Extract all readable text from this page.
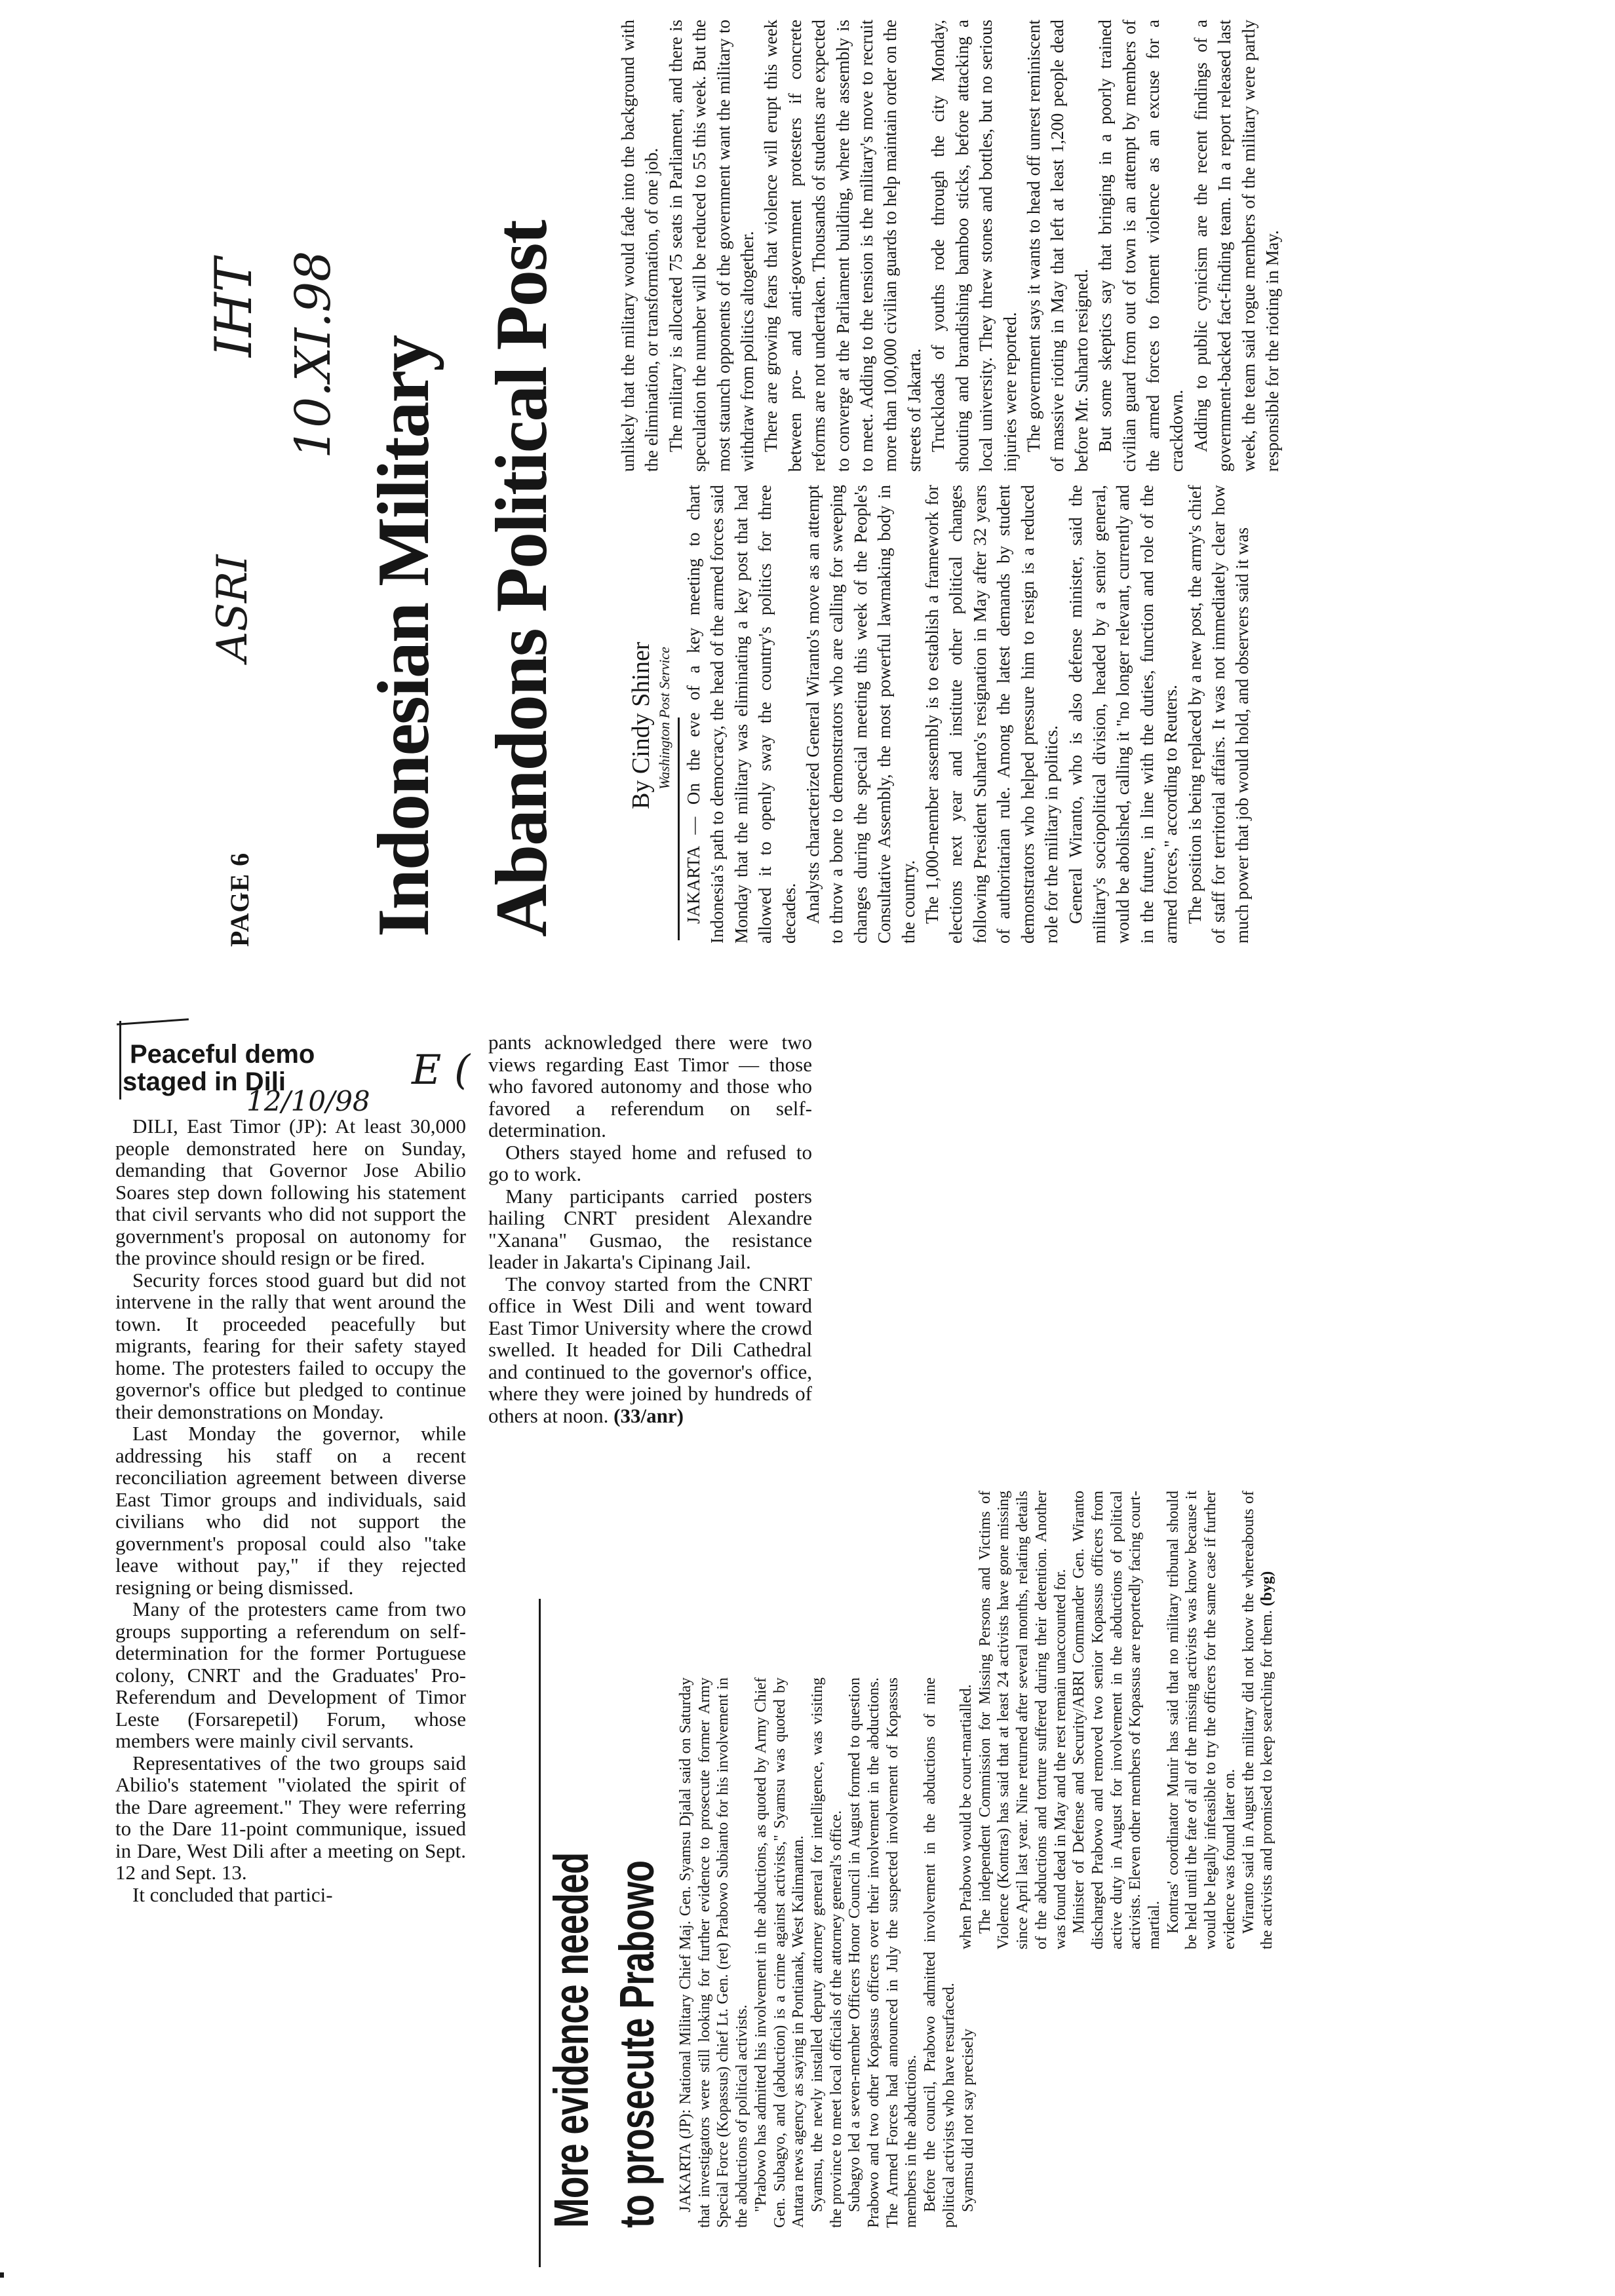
PAGE 6 Indonesian Military Abandons Political Post	By Cindy Shiner Washington Post Service JAKARTA — On the eve of a key meeting to chart Indonesia's path to democracy, the head of the armed forces said Monday that the military was eliminating a key post that had allowed it to openly sway the country's politics for three decades. Analysts characterized General Wiranto's move as an attempt to throw a bone to demonstrators who are calling for sweeping changes during the special meeting this week of the People's Consultative Assembly, the most powerful lawmaking body in the country. The 1,000-member assembly is to establish a framework for elections next year and institute other political changes following President Suharto's resignation in May after 32 years of authoritarian rule. Among the latest demands by student demonstrators who helped pressure him to resign is a reduced role for the military in politics. General Wiranto, who is also defense minister, said the military's sociopolitical division, headed by a senior general, would be abolished, calling it "no longer relevant, currently and in the future, in line with the duties, function and role of the armed forces," according to Reuters. The position is being replaced by a new post, the army's chief of staff for territorial affairs. It was not immediately clear how much power that job would hold, and observers said it was

unlikely that the military would fade into the background with the elimination, or transformation, of one job. The military is allocated 75 seats in Parliament, and there is speculation the number will be reduced to 55 this week. But the most staunch opponents of the government want the military to withdraw from politics altogether. There are growing fears that violence will erupt this week between pro- and anti-government protesters if concrete reforms are not undertaken. Thousands of students are expected to converge at the Parliament building, where the assembly is to meet. Adding to the tension is the military's move to recruit more than 100,000 civilian guards to help maintain order on the streets of Jakarta. Truckloads of youths rode through the city Monday, shouting and brandishing bamboo sticks, before attacking a local university. They threw stones and bottles, but no serious injuries were reported. The government says it wants to head off unrest reminiscent of massive rioting in May that left at least 1,200 people dead before Mr. Suharto resigned. But some skeptics say that bringing in a poorly trained civilian guard from out of town is an attempt by members of the armed forces to foment violence as an excuse for a crackdown. Adding to public cynicism are the recent findings of a government-backed fact-finding team. In a report released last week, the team said rogue members of the military were partly responsible for the rioting in May.

ASRI
IHT 10.XI.98
Peaceful demo
staged in Dili
12/10/98
E (

DILI, East Timor (JP): At least 30,000 people demonstrated here on Sunday, demanding that Governor Jose Abilio Soares step down following his statement that civil servants who did not support the government's proposal on autonomy for the province should resign or be fired.

Security forces stood guard but did not intervene in the rally that went around the town. It proceeded peacefully but migrants, fearing for their safety stayed home. The protesters failed to occupy the governor's office but pledged to continue their demonstrations on Monday.

Last Monday the governor, while addressing his staff on a recent reconciliation agreement between diverse East Timor groups and individuals, said civilians who did not support the government's proposal could also "take leave without pay," if they rejected resigning or being dismissed.

Many of the protesters came from two groups supporting a referendum on self-determination for the former Portuguese colony, CNRT and the Graduates' Pro-Referendum and Development of Timor Leste (Forsarepetil) Forum, whose members were mainly civil servants.

Representatives of the two groups said Abilio's statement "violated the spirit of the Dare agreement." They were referring to the Dare 11-point communique, issued in Dare, West Dili after a meeting on Sept. 12 and Sept. 13.

It concluded that partici-

pants acknowledged there were two views regarding East Timor — those who favored autonomy and those who favored a referendum on self-determination.

Others stayed home and refused to go to work.

Many participants carried posters hailing CNRT president Alexandre "Xanana" Gusmao, the resistance leader in Jakarta's Cipinang Jail.

The convoy started from the CNRT office in West Dili and went toward East Timor University where the crowd swelled. It headed for Dili Cathedral and continued to the governor's office, where they were joined by hundreds of others at noon. (33/anr)

More evidence needed to prosecute Prabowo JAKARTA (JP): National Military Chief Maj. Gen. Syamsu Djalal said on Saturday that investigators were still looking for further evidence to prosecute former Army Special Force (Kopassus) chief Lt. Gen. (ret) Prabowo Subianto for his involvement in the abductions of political activists. "Prabowo has admitted his involvement in the abductions, as quoted by Army Chief Gen. Subagyo, and (abduction) is a crime against activists," Syamsu was quoted by Antara news agency as saying in Pontianak, West Kalimantan. Syamsu, the newly installed deputy attorney general for intelligence, was visiting the province to meet local officials of the attorney general's office. Subagyo led a seven-member Officers Honor Council in August formed to question Prabowo and two other Kopassus officers over their involvement in the abductions. The Armed Forces had announced in July the suspected involvement of Kopassus members in the abductions. Before the council, Prabowo admitted involvement in the abductions of nine political activists who have resurfaced. Syamsu did not say precisely

when Prabowo would be court-martialled. The independent Commission for Missing Persons and Victims of Violence (Kontras) has said that at least 24 activists have gone missing since April last year. Nine returned after several months, relating details of the abductions and torture suffered during their detention. Another was found dead in May and the rest remain unaccounted for. Minister of Defense and Security/ABRI Commander Gen. Wiranto discharged Prabowo and removed two senior Kopassus officers from active duty in August for involvement in the abductions of political activists. Eleven other members of Kopassus are reportedly facing court-martial. Kontras' coordinator Munir has said that no military tribunal should be held until the fate of all of the missing activists was know because it would be legally infeasible to try the officers for the same case if further evidence was found later on. Wiranto said in August the military did not know the whereabouts of the activists and promised to keep searching for them. (byg)
